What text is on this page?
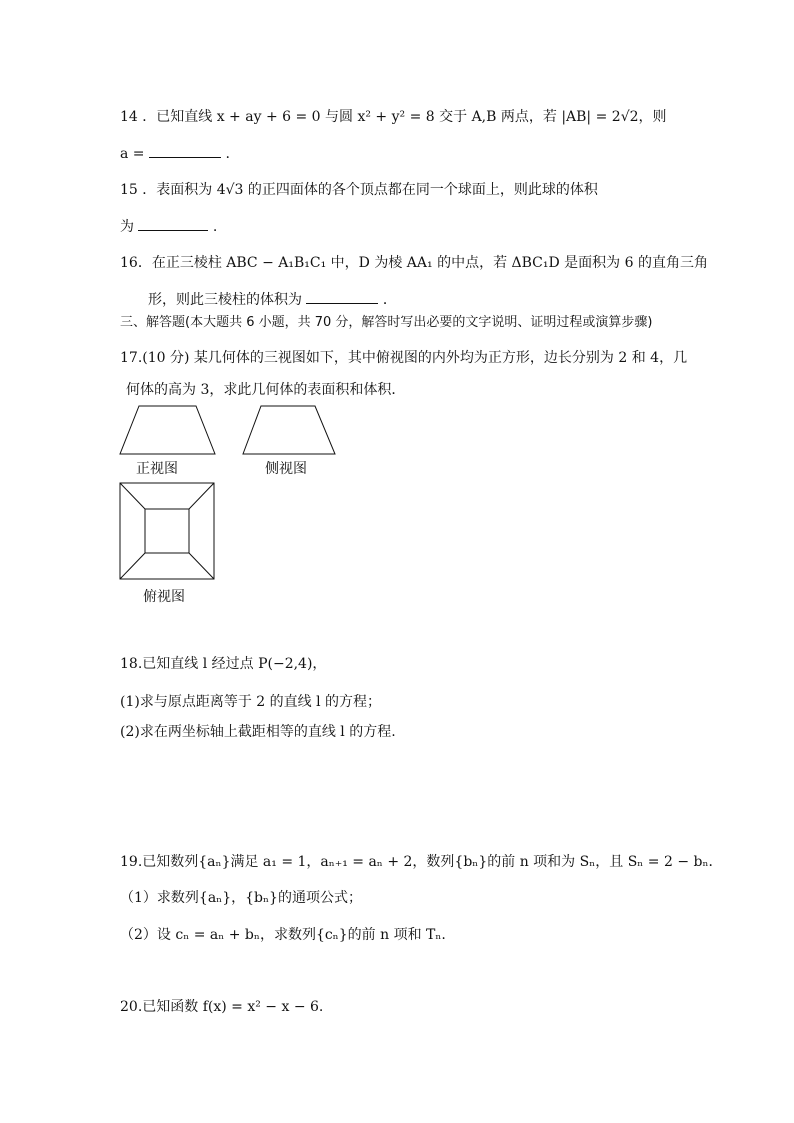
14 ．已知直线 x + ay + 6 = 0 与圆 x² + y² = 8 交于 A,B 两点，若 |AB| = 2√2，则
a =	.
15 ．表面积为 4√3 的正四面体的各个顶点都在同一个球面上，则此球的体积
为	.
16．在正三棱柱 ABC − A₁B₁C₁ 中，D 为棱 AA₁ 的中点，若 ΔBC₁D 是面积为 6 的直角三角
形，则此三棱柱的体积为	．
三、解答题(本大题共 6 小题，共 70 分，解答时写出必要的文字说明、证明过程或演算步骤)
17.(10 分) 某几何体的三视图如下，其中俯视图的内外均为正方形，边长分别为 2 和 4，几
何体的高为 3，求此几何体的表面积和体积．
正视图	侧视图
俯视图
18.已知直线 l 经过点 P(−2,4)，
(1)求与原点距离等于 2 的直线 l 的方程；
(2)求在两坐标轴上截距相等的直线 l 的方程.
19.已知数列{aₙ}满足 a₁ = 1，aₙ₊₁ = aₙ + 2，数列{bₙ}的前 n 项和为 Sₙ，且 Sₙ = 2 − bₙ．
（1）求数列{aₙ}，{bₙ}的通项公式；
（2）设 cₙ = aₙ + bₙ，求数列{cₙ}的前 n 项和 Tₙ.
20.已知函数 f(x) = x² − x − 6.
